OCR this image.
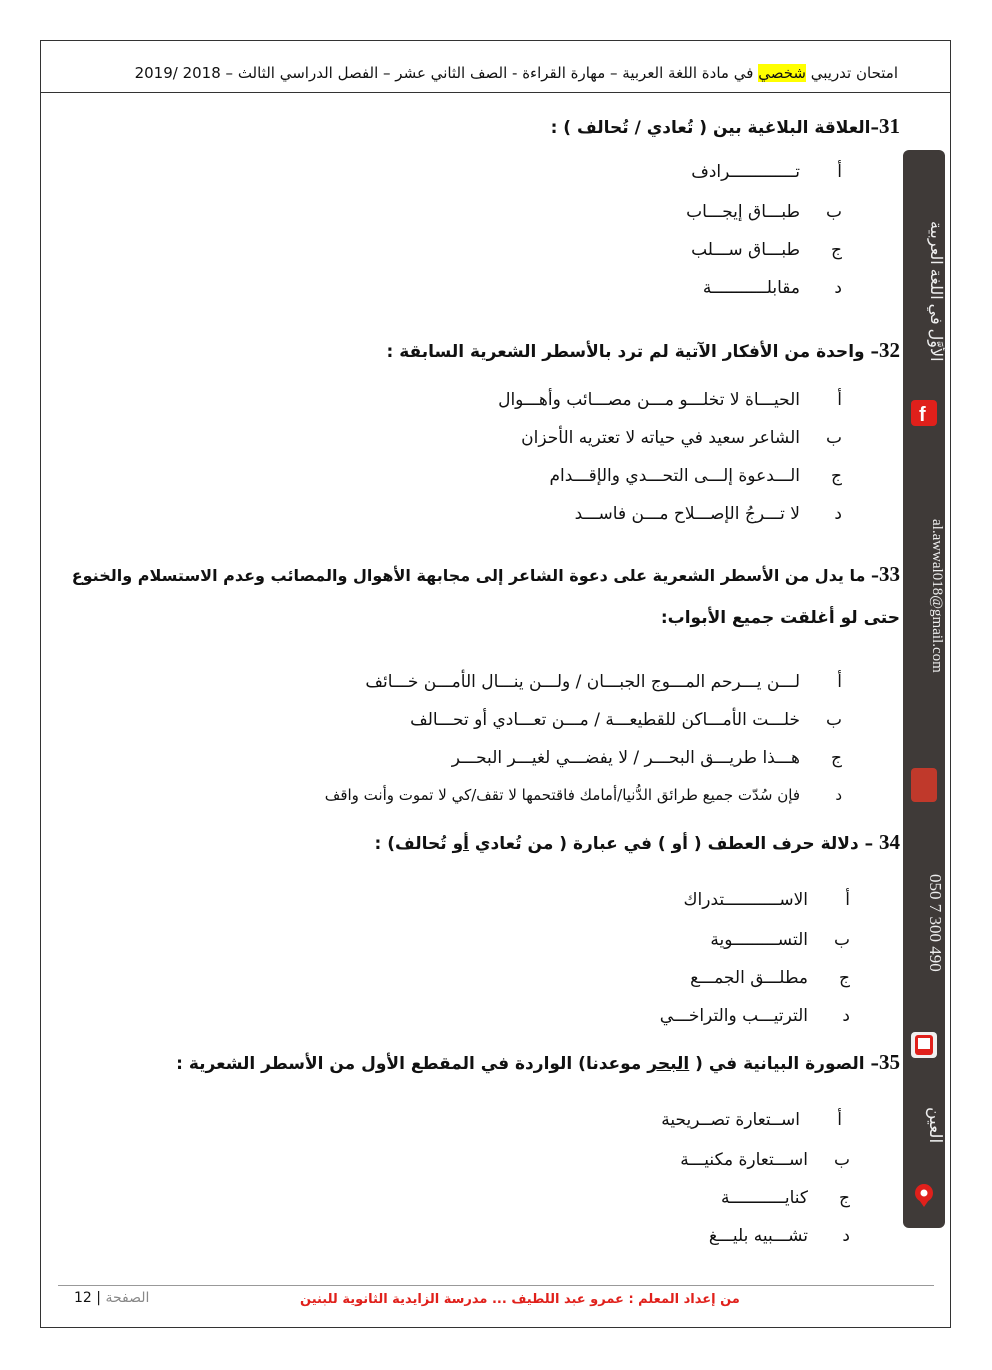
امتحان تدريبي شخصي في مادة اللغة العربية – مهارة القراءة - الصف الثاني عشر – الفصل الدراسي الثالث – 2018 /2019
31–العلاقة البلاغية بين ( تُعادي / تُحالف ) :
أتـــــــــــــرادف
بطبـــاق إيجـــاب
جطبـــاق ســـلب
دمقابلـــــــــــة
32– واحدة من الأفكار الآتية لم ترد بالأسطر الشعرية السابقة :
أالحيـــاة لا تخلـــو مـــن مصـــائب وأهـــوال
بالشاعر سعيد في حياته لا تعتريه الأحزان
جالـــدعوة إلـــى التحـــدي والإقـــدام
دلا تـــرجُ الإصـــلاح مـــن فاســـد
33– ما يدل من الأسطر الشعرية على دعوة الشاعر إلى مجابهة الأهوال والمصائب وعدم الاستسلام والخنوع
حتى لو أغلقت جميع الأبواب:
ألـــن يـــرحم المـــوج الجبـــان / ولـــن ينـــال الأمـــن خـــائف
بخلـــت الأمـــاكن للقطيعـــة / مـــن تعـــادي أو تحـــالف
جهـــذا طريـــق البحـــر / لا يفضـــي لغيـــر البحـــر
دفإن سُدّت جميع طرائق الدُّنيا/أمامك فاقتحمها لا تقف/كي لا تموت وأنت واقف
34 – دلالة حرف العطف ( أو ) في عبارة ( من تُعادي أو تُحالف) :
أالاســـــــــــتدراك
بالتســـــــــوية
جمطلـــق الجمـــع
دالترتيـــب والتراخـــي
35– الصورة البيانية في ( البحر موعدنا) الواردة في المقطع الأول من الأسطر الشعرية :
أاســتعارة تصــريحية
باســـتعارة مكنيـــة
جكنايـــــــــــة
دتشـــبيه بليـــغ
الأوَّل في اللغة العربية
f
al.awwal018@gmail.com
050 7 300 490
العين
من إعداد المعلم : عمرو عبد اللطيف ... مدرسة الزايدية الثانوية للبنين
الصفحة | 12
